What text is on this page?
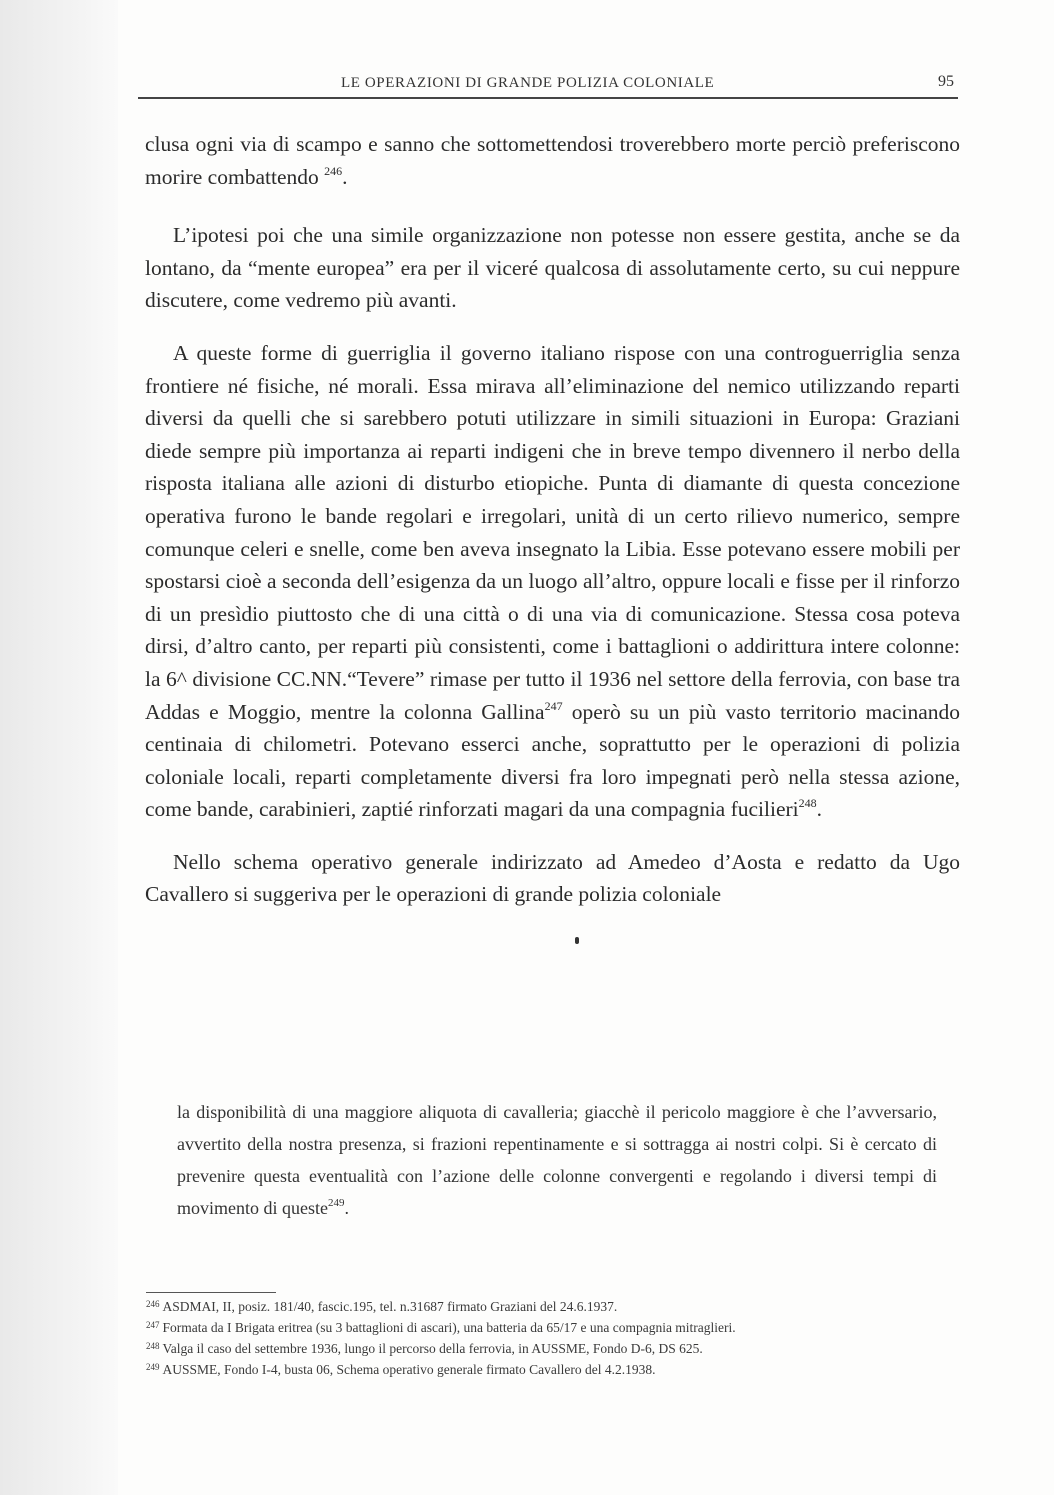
LE OPERAZIONI DI GRANDE POLIZIA COLONIALE	95

clusa ogni via di scampo e sanno che sottomettendosi troverebbero morte perciò preferiscono morire combattendo $^{246}$.

L’ipotesi poi che una simile organizzazione non potesse non essere gestita, anche se da lontano, da “mente europea” era per il viceré qualcosa di assolutamente certo, su cui neppure discutere, come vedremo più avanti.

A queste forme di guerriglia il governo italiano rispose con una controguerriglia senza frontiere né fisiche, né morali. Essa mirava all’eliminazione del nemico utilizzando reparti diversi da quelli che si sarebbero potuti utilizzare in simili situazioni in Europa: Graziani diede sempre più importanza ai reparti indigeni che in breve tempo divennero il nerbo della risposta italiana alle azioni di disturbo etiopiche. Punta di diamante di questa concezione operativa furono le bande regolari e irregolari, unità di un certo rilievo numerico, sempre comunque celeri e snelle, come ben aveva insegnato la Libia. Esse potevano essere mobili per spostarsi cioè a seconda dell’esigenza da un luogo all’altro, oppure locali e fisse per il rinforzo di un presìdio piuttosto che di una città o di una via di comunicazione. Stessa cosa poteva dirsi, d’altro canto, per reparti più consistenti, come i battaglioni o addirittura intere colonne: la 6^ divisione CC.NN.“Tevere” rimase per tutto il 1936 nel settore della ferrovia, con base tra Addas e Moggio, mentre la colonna Gallina$^{247}$ operò su un più vasto territorio macinando centinaia di chilometri. Potevano esserci anche, soprattutto per le operazioni di polizia coloniale locali, reparti completamente diversi fra loro impegnati però nella stessa azione, come bande, carabinieri, zaptié rinforzati magari da una compagnia fucilieri$^{248}$.

Nello schema operativo generale indirizzato ad Amedeo d’Aosta e redatto da Ugo Cavallero si suggeriva per le operazioni di grande polizia coloniale

la disponibilità di una maggiore aliquota di cavalleria; giacchè il pericolo maggiore è che l’avversario, avvertito della nostra presenza, si frazioni repentinamente e si sottragga ai nostri colpi. Si è cercato di prevenire questa eventualità con l’azione delle colonne convergenti e regolando i diversi tempi di movimento di queste$^{249}$.

$^{246}$ ASDMAI, II, posiz. 181/40, fascic.195, tel. n.31687 firmato Graziani del 24.6.1937.

$^{247}$ Formata da I Brigata eritrea (su 3 battaglioni di ascari), una batteria da 65/17 e una compagnia mitraglieri.

$^{248}$ Valga il caso del settembre 1936, lungo il percorso della ferrovia, in AUSSME, Fondo D-6, DS 625.

$^{249}$ AUSSME, Fondo I-4, busta 06, Schema operativo generale firmato Cavallero del 4.2.1938.
